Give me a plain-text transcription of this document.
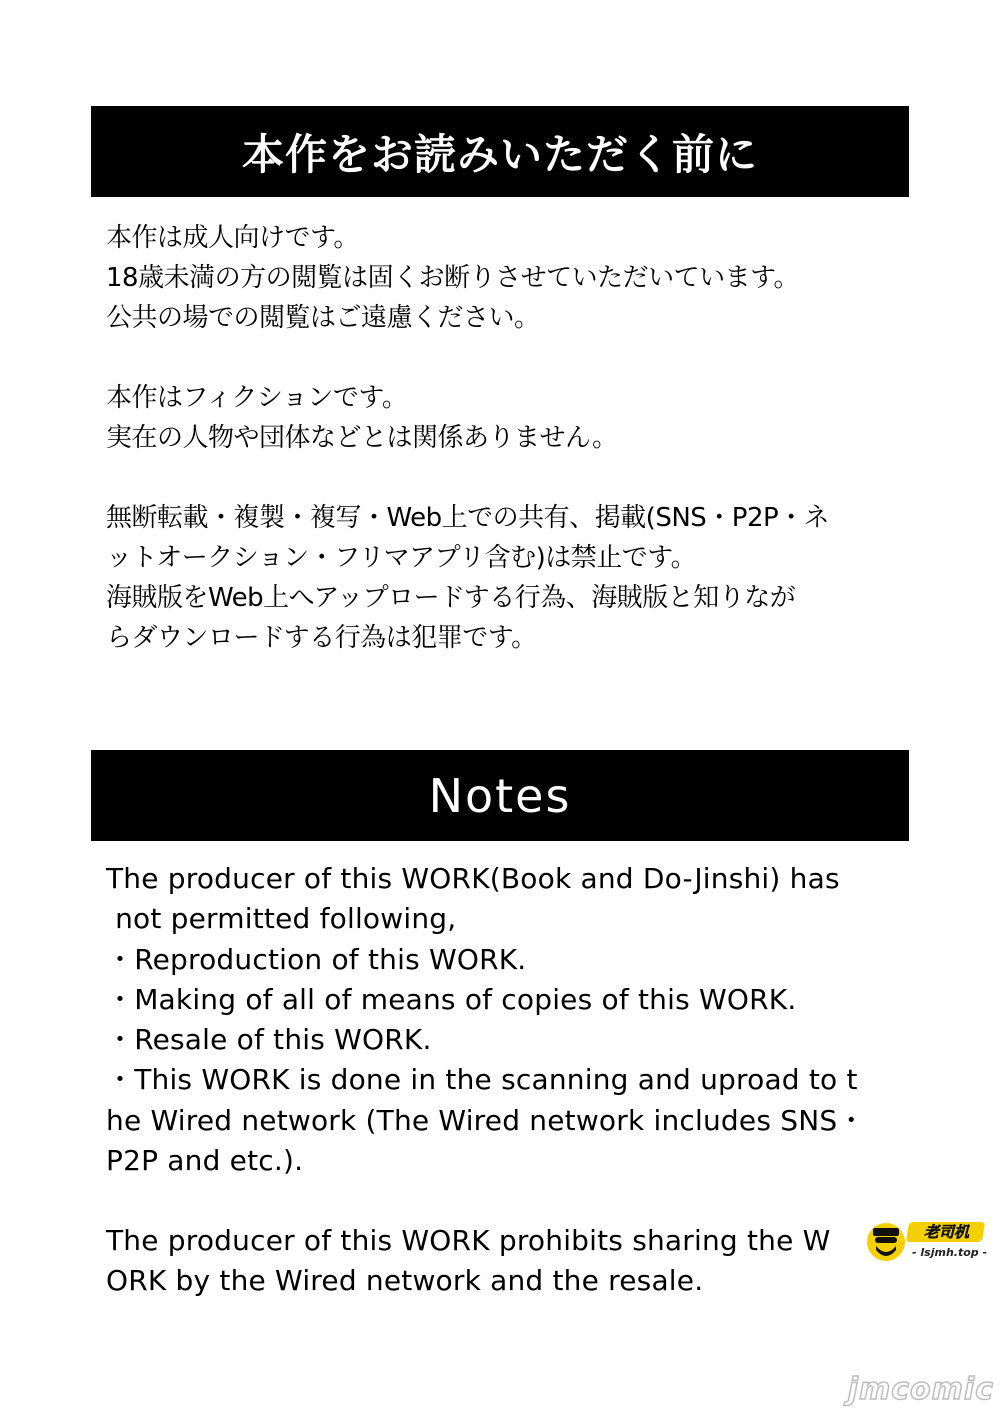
本作をお読みいただく前に

本作は成人向けです。

18歳未満の方の閲覧は固くお断りさせていただいています。

公共の場での閲覧はご遠慮ください。

本作はフィクションです。

実在の人物や団体などとは関係ありません。

無断転載・複製・複写・Web上での共有、掲載(SNS・P2P・ネ

ットオークション・フリマアプリ含む)は禁止です。

海賊版をWeb上へアップロードする行為、海賊版と知りなが

らダウンロードする行為は犯罪です。

Notes

The producer of this WORK(Book and Do-Jinshi) has

not permitted following,

・Reproduction of this WORK.

・Making of all of means of copies of this WORK.

・Resale of this WORK.

・This WORK is done in the scanning and uproad to t

he Wired network (The Wired network includes SNS・

P2P and etc.).

The producer of this WORK prohibits sharing the W

ORK by the Wired network and the resale.

老司机
- lsjmh.top -
jmcomic
